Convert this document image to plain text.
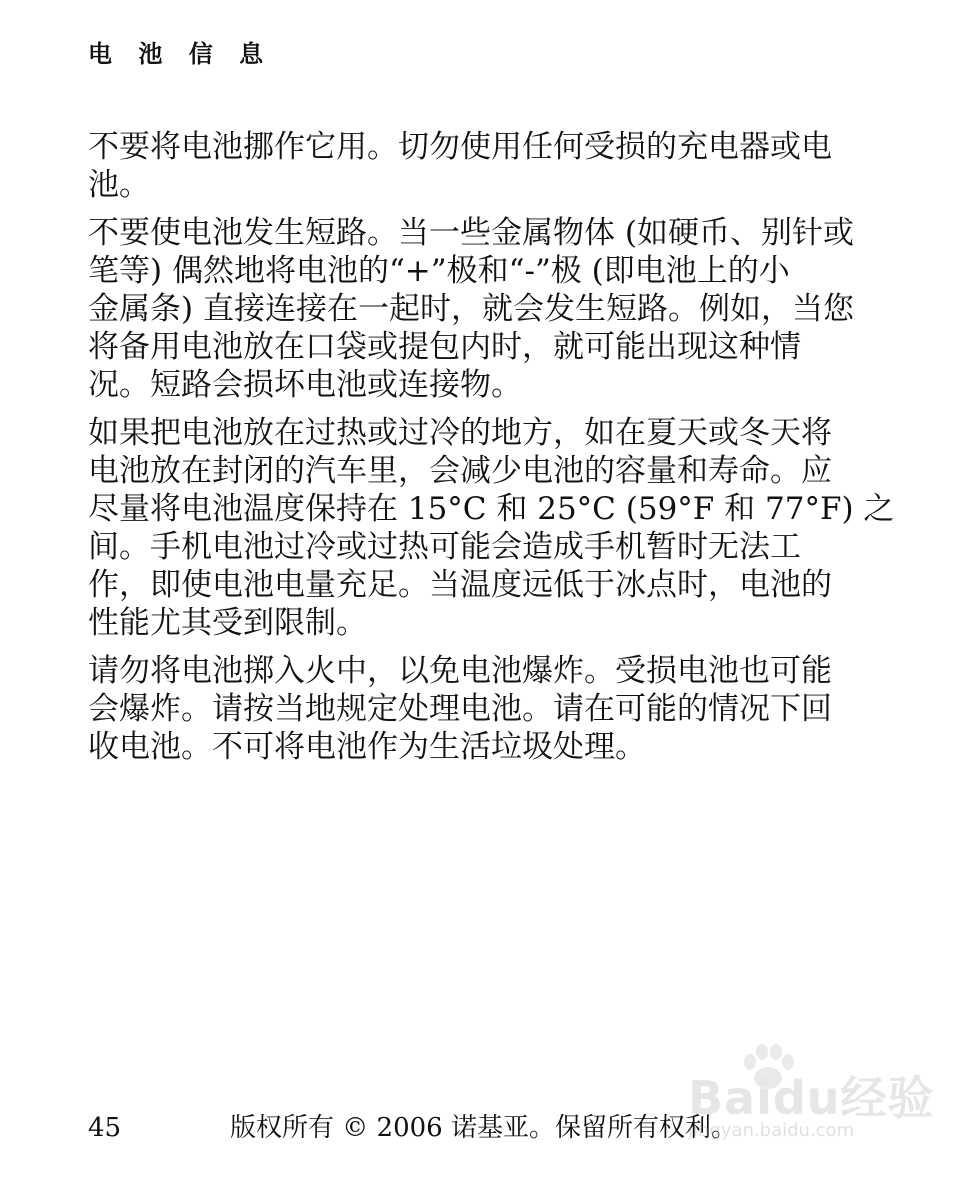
电 池 信 息
不要将电池挪作它用。切勿使用任何受损的充电器或电
池。
不要使电池发生短路。当一些金属物体 (如硬币、别针或
笔等) 偶然地将电池的“+”极和“-”极 (即电池上的小
金属条) 直接连接在一起时，就会发生短路。例如，当您
将备用电池放在口袋或提包内时，就可能出现这种情
况。短路会损坏电池或连接物。
如果把电池放在过热或过冷的地方，如在夏天或冬天将
电池放在封闭的汽车里，会减少电池的容量和寿命。应
尽量将电池温度保持在 15°C 和 25°C (59°F 和 77°F) 之
间。手机电池过冷或过热可能会造成手机暂时无法工
作，即使电池电量充足。当温度远低于冰点时，电池的
性能尤其受到限制。
请勿将电池掷入火中，以免电池爆炸。受损电池也可能
会爆炸。请按当地规定处理电池。请在可能的情况下回
收电池。不可将电池作为生活垃圾处理。
45	版权所有 © 2006 诺基亚。保留所有权利。
Baidu经验
jingyan.baidu.com
